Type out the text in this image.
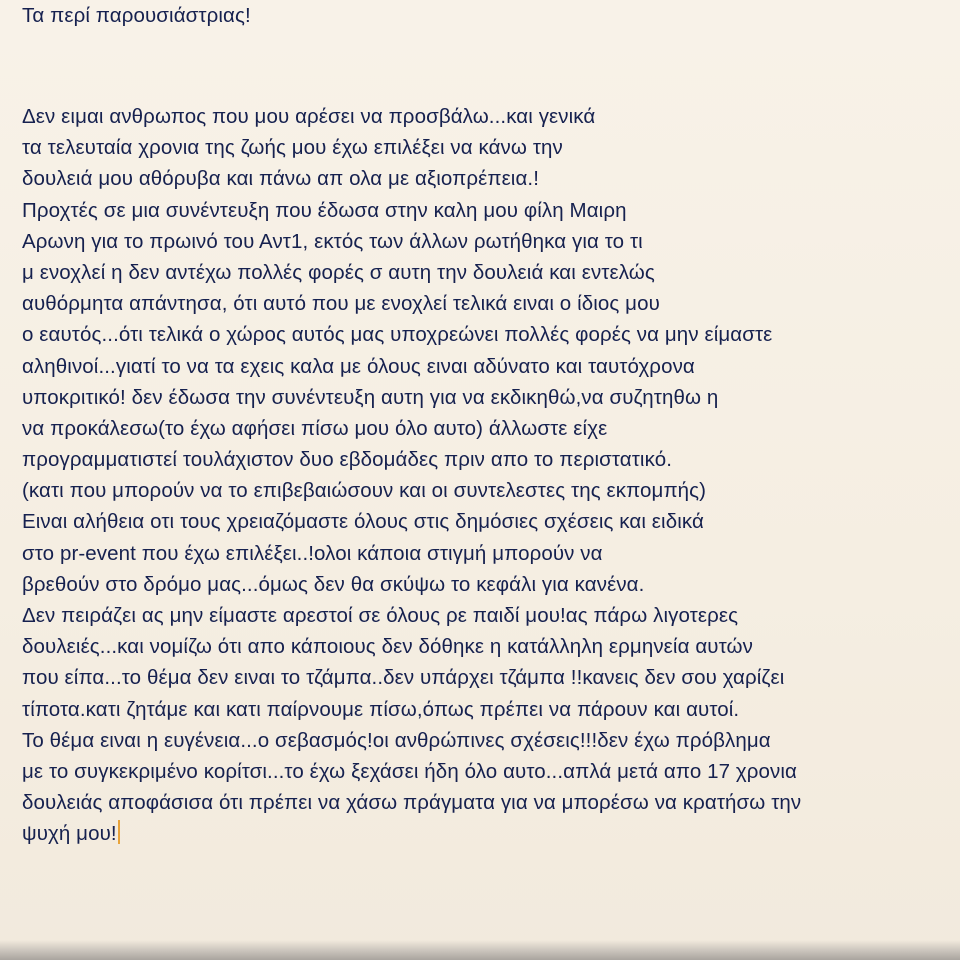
Τα περί παρουσιάστριας!
Δεν ειμαι ανθρωπος που μου αρέσει να προσβάλω...και γενικά
τα τελευταία χρονια της ζωής μου έχω επιλέξει να κάνω την
δουλειά μου αθόρυβα και πάνω απ ολα με αξιοπρέπεια.!
Προχτές σε μια συνέντευξη που έδωσα στην καλη μου φίλη Μαιρη
Αρωνη για το πρωινό του Αντ1, εκτός των άλλων ρωτήθηκα για το τι
μ ενοχλεί η δεν αντέχω πολλές φορές σ αυτη την δουλειά και εντελώς
αυθόρμητα απάντησα, ότι αυτό που με ενοχλεί τελικά ειναι ο ίδιος μου
ο εαυτός...ότι τελικά ο χώρος αυτός μας υποχρεώνει πολλές φορές να μην είμαστε
αληθινοί...γιατί το να τα εχεις καλα με όλους ειναι αδύνατο και ταυτόχρονα
υποκριτικό! δεν έδωσα την συνέντευξη αυτη για να εκδικηθώ,να συζητηθω η
να προκάλεσω(το έχω αφήσει πίσω μου όλο αυτο) άλλωστε είχε
προγραμματιστεί τουλάχιστον δυο εβδομάδες πριν απο το περιστατικό.
(κατι που μπορούν να το επιβεβαιώσουν και οι συντελεστες της εκπομπής)
Ειναι αλήθεια οτι τους χρειαζόμαστε όλους στις δημόσιες σχέσεις και ειδικά
στο pr-event που έχω επιλέξει..!ολοι κάποια στιγμή μπορούν να
βρεθούν στο δρόμο μας...όμως δεν θα σκύψω το κεφάλι για κανένα.
Δεν πειράζει ας μην είμαστε αρεστοί σε όλους ρε παιδί μου!ας πάρω λιγοτερες
δουλειές...και νομίζω ότι απο κάποιους δεν δόθηκε η κατάλληλη ερμηνεία αυτών
που είπα...το θέμα δεν ειναι το τζάμπα..δεν υπάρχει τζάμπα !!κανεις δεν σου χαρίζει
τίποτα.κατι ζητάμε και κατι παίρνουμε πίσω,όπως πρέπει να πάρουν και αυτοί.
Το θέμα ειναι η ευγένεια...ο σεβασμός!οι ανθρώπινες σχέσεις!!!δεν έχω πρόβλημα
με το συγκεκριμένο κορίτσι...το έχω ξεχάσει ήδη όλο αυτο...απλά μετά απο 17 χρονια
δουλειάς αποφάσισα ότι πρέπει να χάσω πράγματα για να μπορέσω να κρατήσω την
ψυχή μου!
